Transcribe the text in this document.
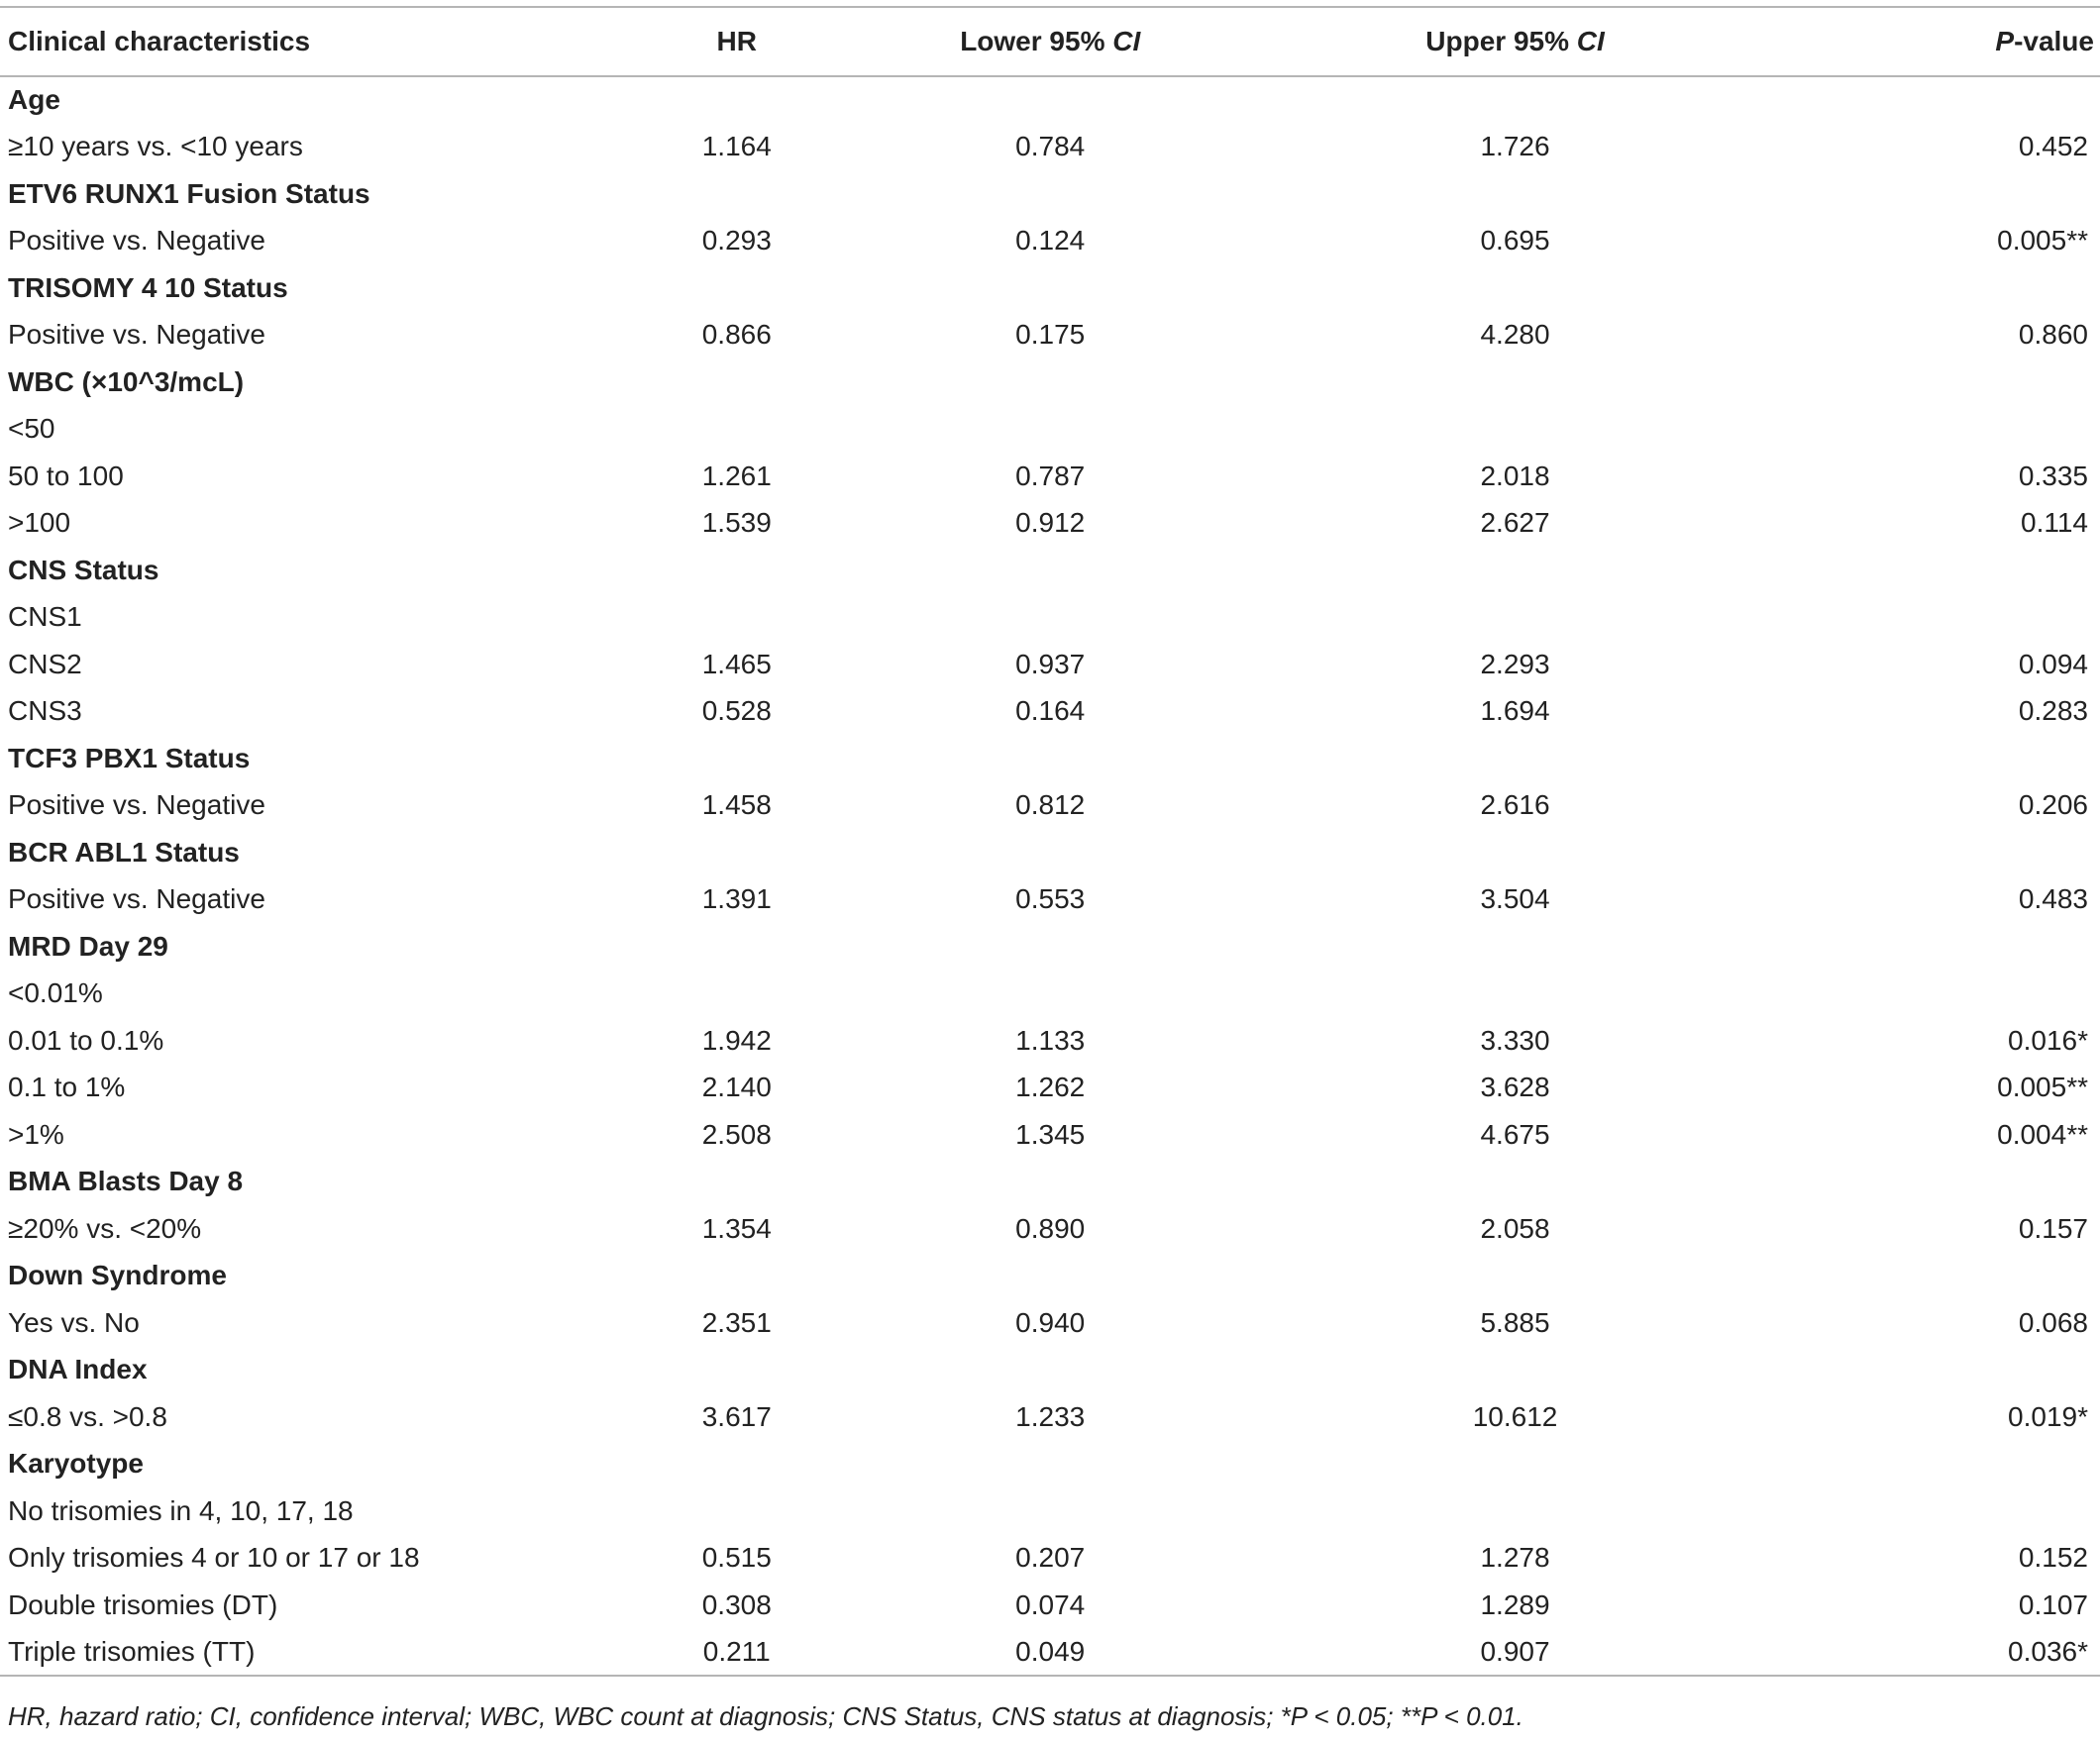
Clinical characteristics	HR	Lower 95% CI	Upper 95% CI	P-value
Age				
≥10 years vs. <10 years	1.164	0.784	1.726	0.452
ETV6 RUNX1 Fusion Status				
Positive vs. Negative	0.293	0.124	0.695	0.005**
TRISOMY 4 10 Status				
Positive vs. Negative	0.866	0.175	4.280	0.860
WBC (×10^3/mcL)				
<50				
50 to 100	1.261	0.787	2.018	0.335
>100	1.539	0.912	2.627	0.114
CNS Status				
CNS1				
CNS2	1.465	0.937	2.293	0.094
CNS3	0.528	0.164	1.694	0.283
TCF3 PBX1 Status				
Positive vs. Negative	1.458	0.812	2.616	0.206
BCR ABL1 Status				
Positive vs. Negative	1.391	0.553	3.504	0.483
MRD Day 29				
<0.01%				
0.01 to 0.1%	1.942	1.133	3.330	0.016*
0.1 to 1%	2.140	1.262	3.628	0.005**
>1%	2.508	1.345	4.675	0.004**
BMA Blasts Day 8				
≥20% vs. <20%	1.354	0.890	2.058	0.157
Down Syndrome				
Yes vs. No	2.351	0.940	5.885	0.068
DNA Index				
≤0.8 vs. >0.8	3.617	1.233	10.612	0.019*
Karyotype				
No trisomies in 4, 10, 17, 18				
Only trisomies 4 or 10 or 17 or 18	0.515	0.207	1.278	0.152
Double trisomies (DT)	0.308	0.074	1.289	0.107
Triple trisomies (TT)	0.211	0.049	0.907	0.036*
HR, hazard ratio; CI, confidence interval; WBC, WBC count at diagnosis; CNS Status, CNS status at diagnosis; *P < 0.05; **P < 0.01.
